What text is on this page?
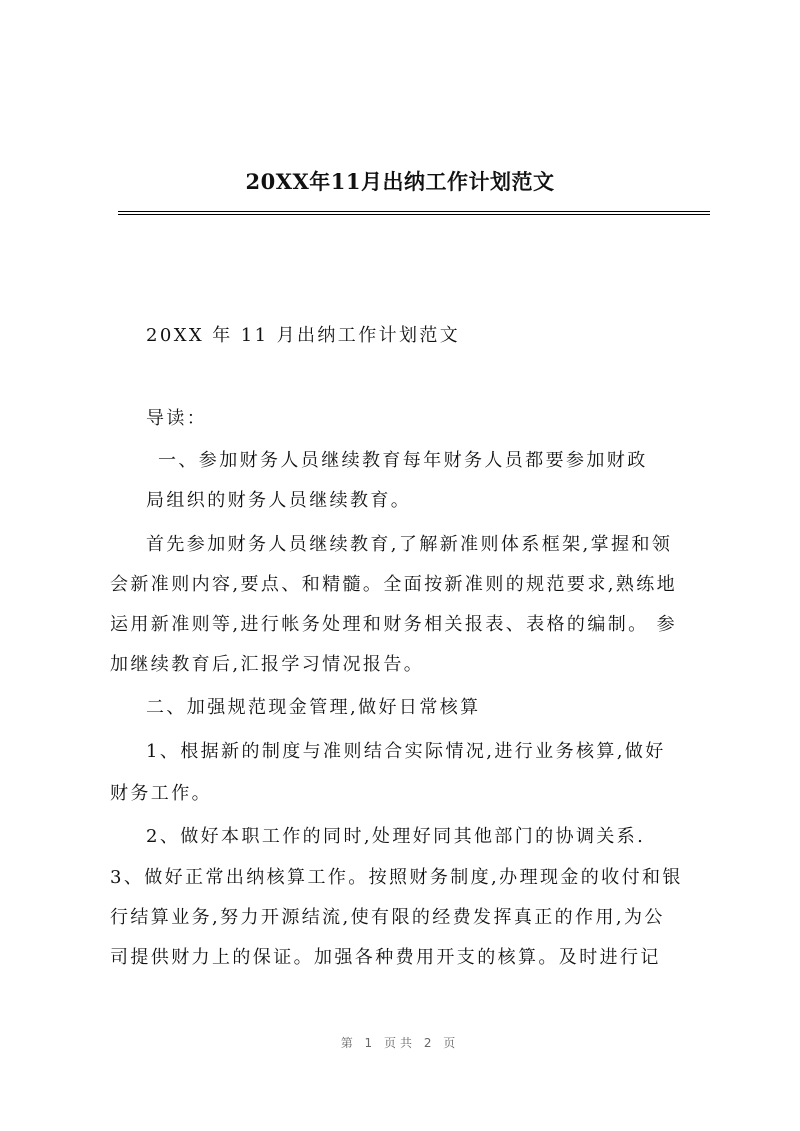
20XX年11月出纳工作计划范文
20XX 年 11 月出纳工作计划范文
导读：
一、参加财务人员继续教育每年财务人员都要参加财政
局组织的财务人员继续教育。
首先参加财务人员继续教育,了解新准则体系框架,掌握和领
会新准则内容,要点、和精髓。全面按新准则的规范要求,熟练地
运用新准则等,进行帐务处理和财务相关报表、表格的编制。 参
加继续教育后,汇报学习情况报告。
二、加强规范现金管理,做好日常核算
1、根据新的制度与准则结合实际情况,进行业务核算,做好
财务工作。
2、做好本职工作的同时,处理好同其他部门的协调关系.
3、做好正常出纳核算工作。按照财务制度,办理现金的收付和银
行结算业务,努力开源结流,使有限的经费发挥真正的作用,为公
司提供财力上的保证。加强各种费用开支的核算。及时进行记
第 1 页共 2 页
